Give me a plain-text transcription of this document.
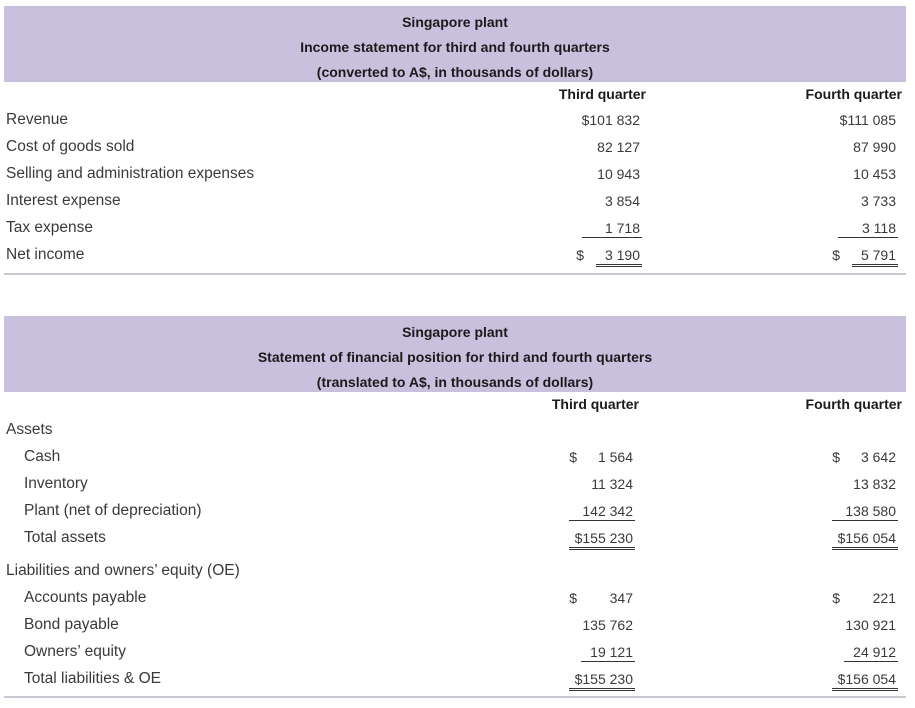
Singapore plant
Income statement for third and fourth quarters
(converted to A$, in thousands of dollars)
Third quarter	Fourth quarter
Revenue	$101 832	$111 085
Cost of goods sold	82 127	87 990
Selling and administration expenses	10 943	10 453
Interest expense	3 854	3 733
Tax expense	1 718	3 118
Net income	$	3 190	$	5 791
Singapore plant
Statement of financial position for third and fourth quarters
(translated to A$, in thousands of dollars)
Third quarter	Fourth quarter
Assets
Cash	$ 1 564	$ 3 642
Inventory	11 324	13 832
Plant (net of depreciation)	142 342	138 580
Total assets	$155 230	$156 054
Liabilities and owners’ equity (OE)
Accounts payable	$ 347	$ 221
Bond payable	135 762	130 921
Owners’ equity	19 121	24 912
Total liabilities & OE	$155 230	$156 054
